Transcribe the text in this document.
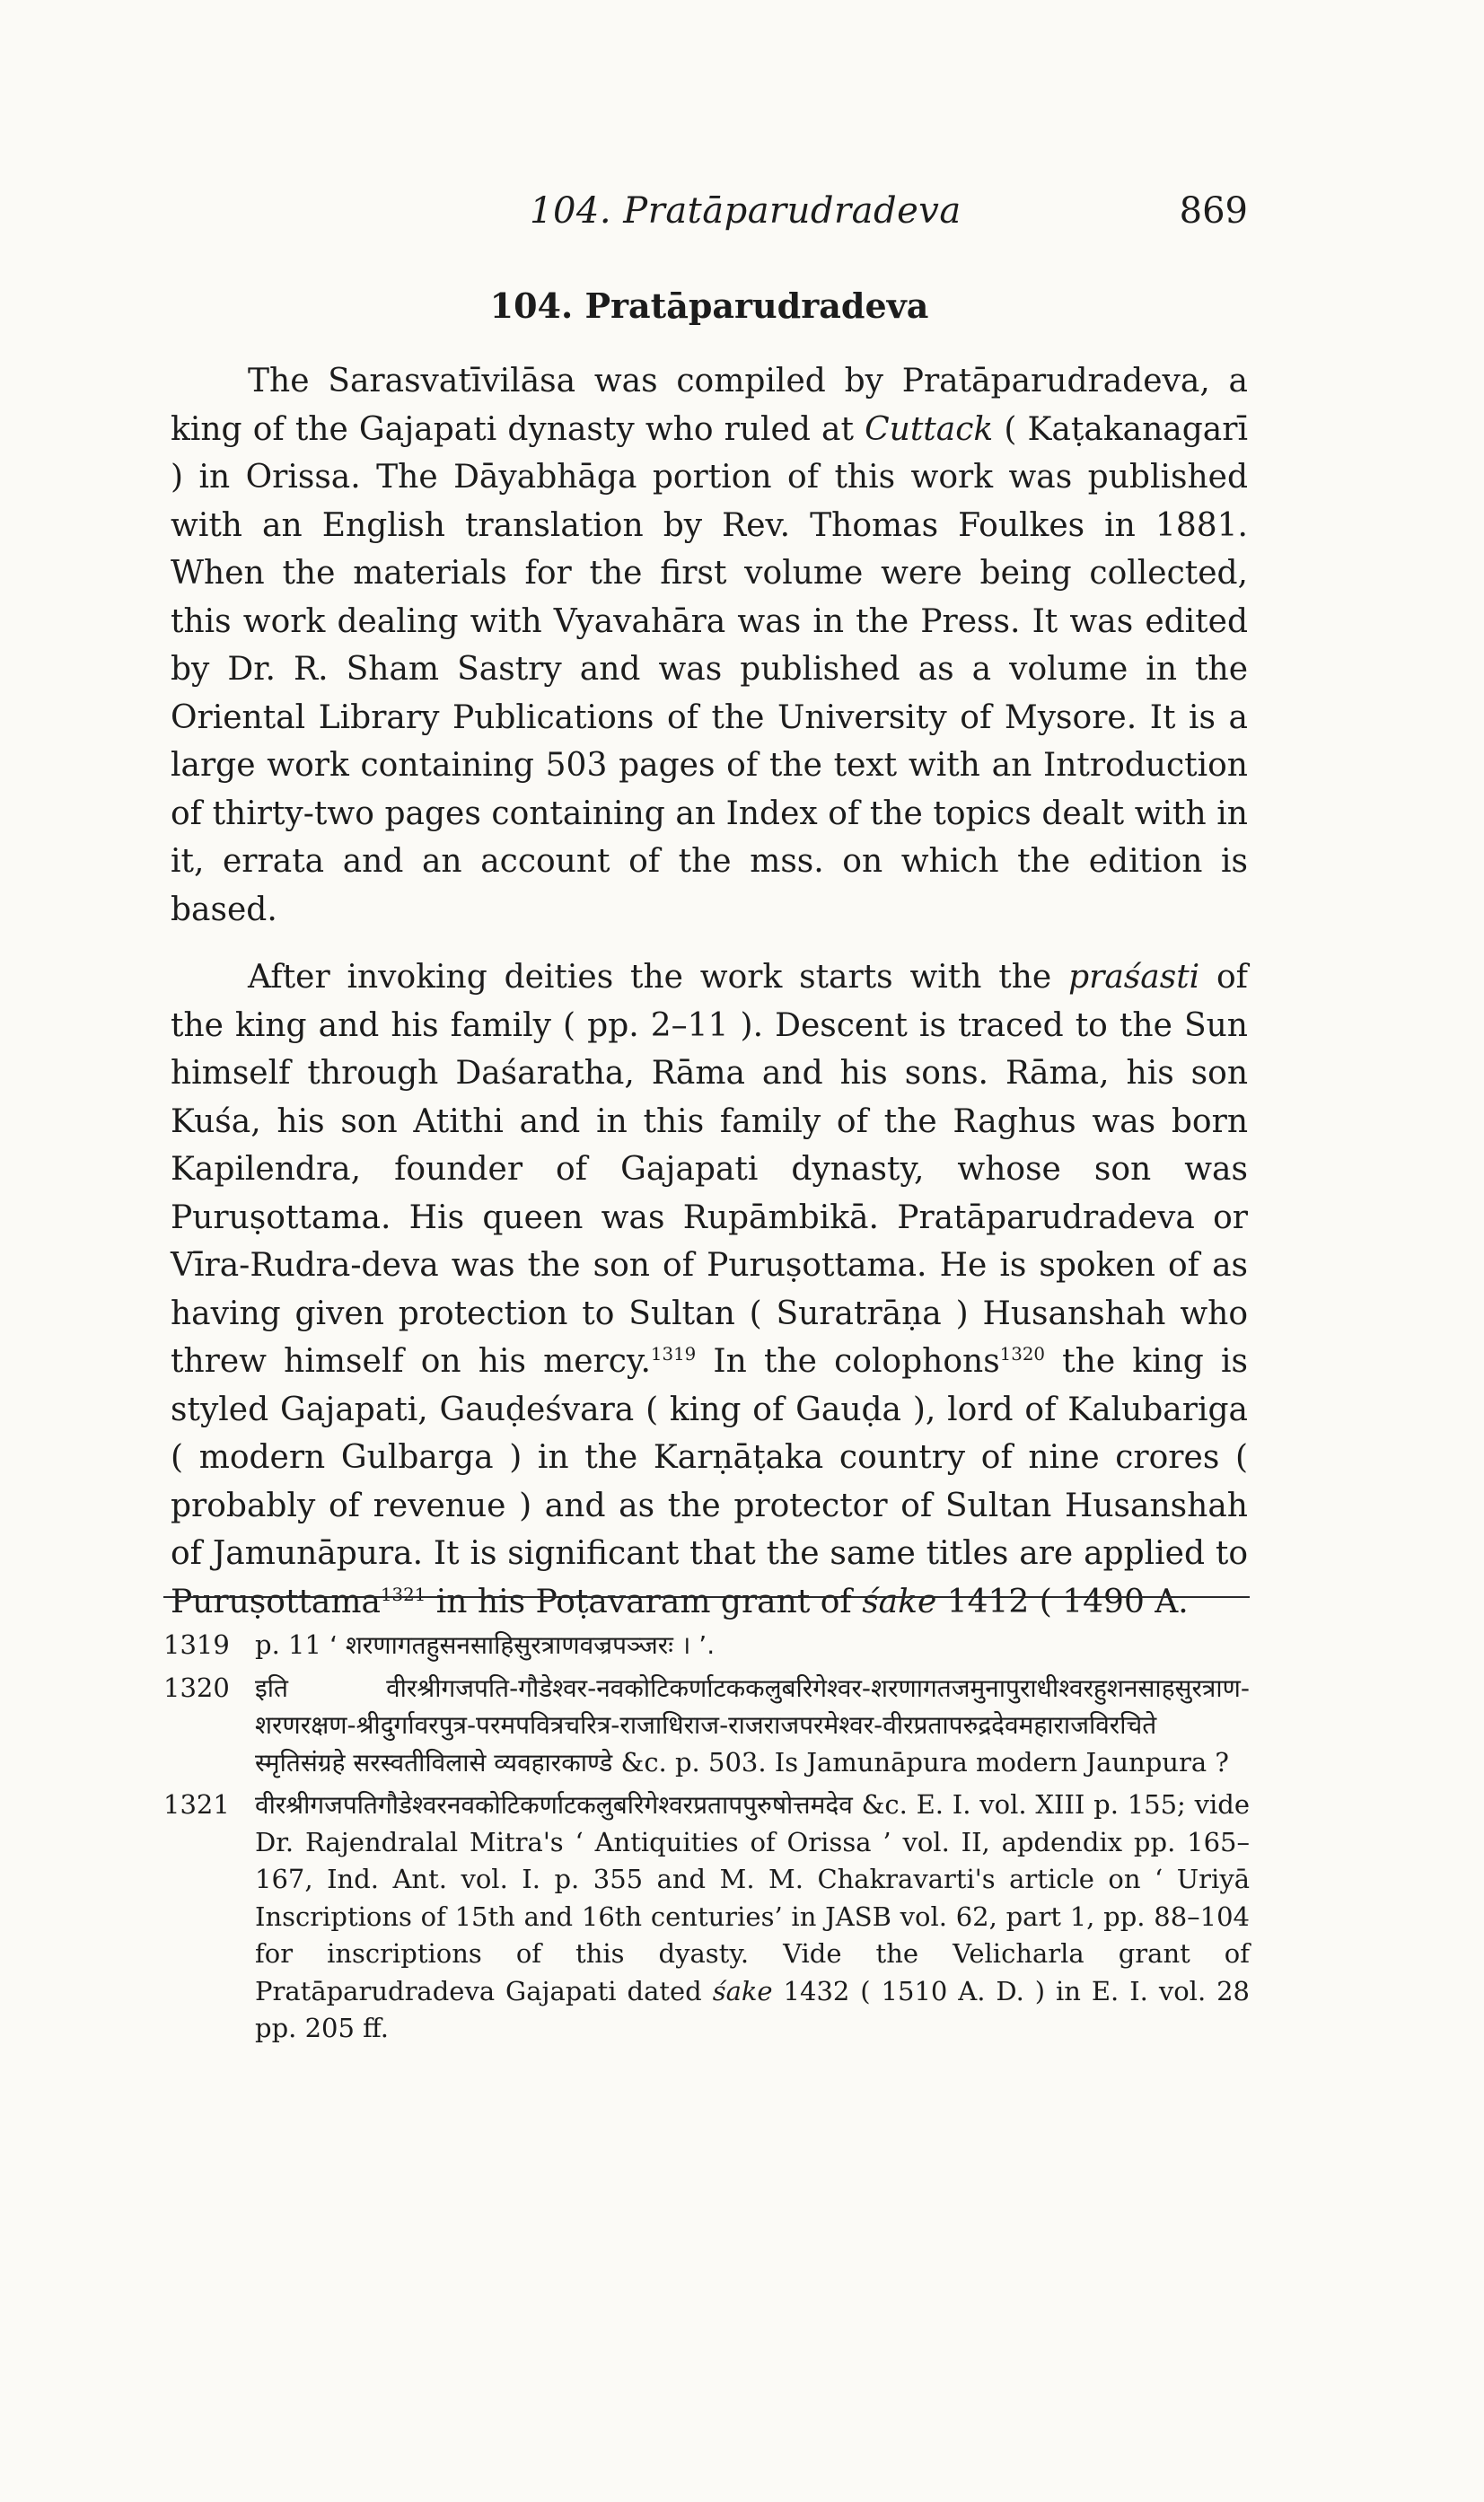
104. Pratāparudradeva	869
104. Pratāparudradeva

The Sarasvatīvilāsa was compiled by Pratāparudradeva, a king of the Gajapati dynasty who ruled at Cuttack ( Kaṭakanagarī ) in Orissa. The Dāyabhāga portion of this work was published with an English translation by Rev. Thomas Foulkes in 1881. When the materials for the first volume were being collected, this work dealing with Vyavahāra was in the Press. It was edited by Dr. R. Sham Sastry and was published as a volume in the Oriental Library Publications of the University of Mysore. It is a large work containing 503 pages of the text with an Introduction of thirty-two pages containing an Index of the topics dealt with in it, errata and an account of the mss. on which the edition is based.

After invoking deities the work starts with the praśasti of the king and his family ( pp. 2–11 ). Descent is traced to the Sun himself through Daśaratha, Rāma and his sons. Rāma, his son Kuśa, his son Atithi and in this family of the Raghus was born Kapilendra, founder of Gajapati dynasty, whose son was Puruṣottama. His queen was Rupāmbikā. Pratāparudradeva or Vīra-Rudra-deva was the son of Puruṣottama. He is spoken of as having given protection to Sultan ( Suratrāṇa ) Husanshah who threw himself on his mercy.$^{1319}$ In the colophons$^{1320}$ the king is styled Gajapati, Gauḍeśvara ( king of Gauḍa ), lord of Kalubariga ( modern Gulbarga ) in the Karṇāṭaka country of nine crores ( probably of revenue ) and as the protector of Sultan Husanshah of Jamunāpura. It is significant that the same titles are applied to Puruṣottama$^{1321}$ in his Poṭavaram grant of śake 1412 ( 1490 A.

1319 p. 11 ‘ शरणागतहुसनसाहिसुरत्राणवज्रपञ्जरः । ’.
1320	इति वीरश्रीगजपति-गौडेश्वर-नवकोटिकर्णाटककलुबरिगेश्वर-शरणागतजमुनापुराधीश्वरहुशनसाहसुरत्राण-शरणरक्षण-श्रीदुर्गावरपुत्र-परमपवित्रचरित्र-राजाधिराज-राजराजपरमेश्वर-वीरप्रतापरुद्रदेवमहाराजविरचिते स्मृतिसंग्रहे सरस्वतीविलासे व्यवहारकाण्डे &c. p. 503. Is Jamunāpura modern Jaunpura ?
1321	वीरश्रीगजपतिगौडेश्वरनवकोटिकर्णाटकलुबरिगेश्वरप्रतापपुरुषोत्तमदेव &c. E. I. vol. XIII p. 155; vide Dr. Rajendralal Mitra's ‘ Antiquities of Orissa ’ vol. II, apdendix pp. 165–167, Ind. Ant. vol. I. p. 355 and M. M. Chakravarti's article on ‘ Uriyā Inscriptions of 15th and 16th centuries’ in JASB vol. 62, part 1, pp. 88–104 for inscriptions of this dyasty. Vide the Velicharla grant of Pratāparudradeva Gajapati dated śake 1432 ( 1510 A. D. ) in E. I. vol. 28 pp. 205 ff.
